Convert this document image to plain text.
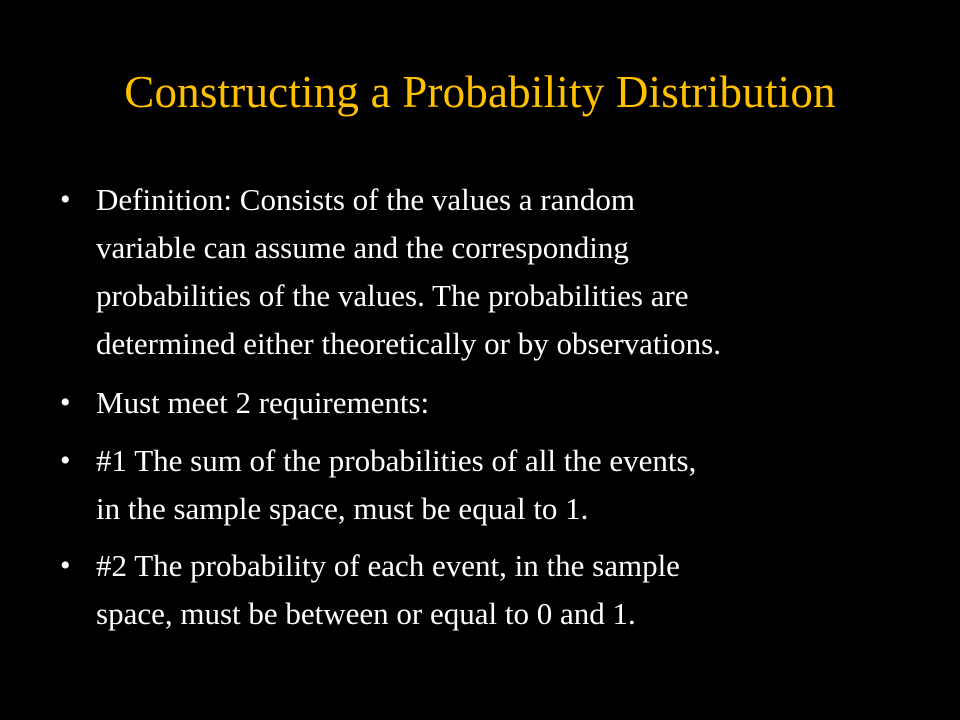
Constructing a Probability Distribution
• Definition: Consists of the values a random
variable can assume and the corresponding
probabilities of the values. The probabilities are
determined either theoretically or by observations.
• Must meet 2 requirements:
• #1 The sum of the probabilities of all the events,
in the sample space, must be equal to 1.
• #2 The probability of each event, in the sample
space, must be between or equal to 0 and 1.
